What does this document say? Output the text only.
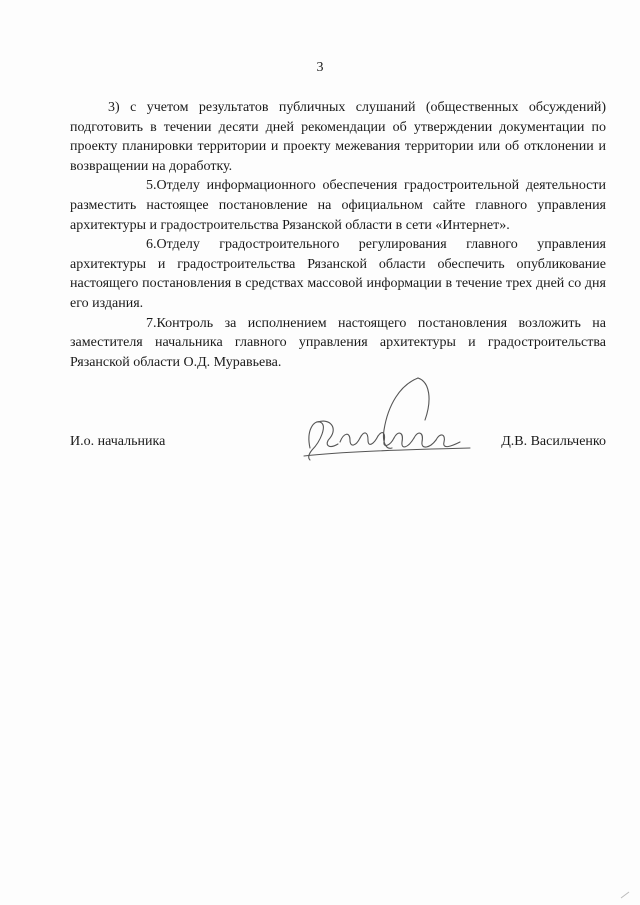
3

3) с учетом результатов публичных слушаний (общественных обсуждений) подготовить в течении десяти дней рекомендации об утверждении документации по проекту планировки территории и проекту межевания территории или об отклонении и возвращении на доработку.

5.Отделу информационного обеспечения градостроительной деятельности разместить настоящее постановление на официальном сайте главного управления архитектуры и градостроительства Рязанской области в сети «Интернет».

6.Отделу градостроительного регулирования главного управления архитектуры и градостроительства Рязанской области обеспечить опубликование настоящего постановления в средствах массовой информации в течение трех дней со дня его издания.

7.Контроль за исполнением настоящего постановления возложить на заместителя начальника главного управления архитектуры и градостроительства Рязанской области О.Д. Муравьева.

И.о. начальника	Д.В. Васильченко
